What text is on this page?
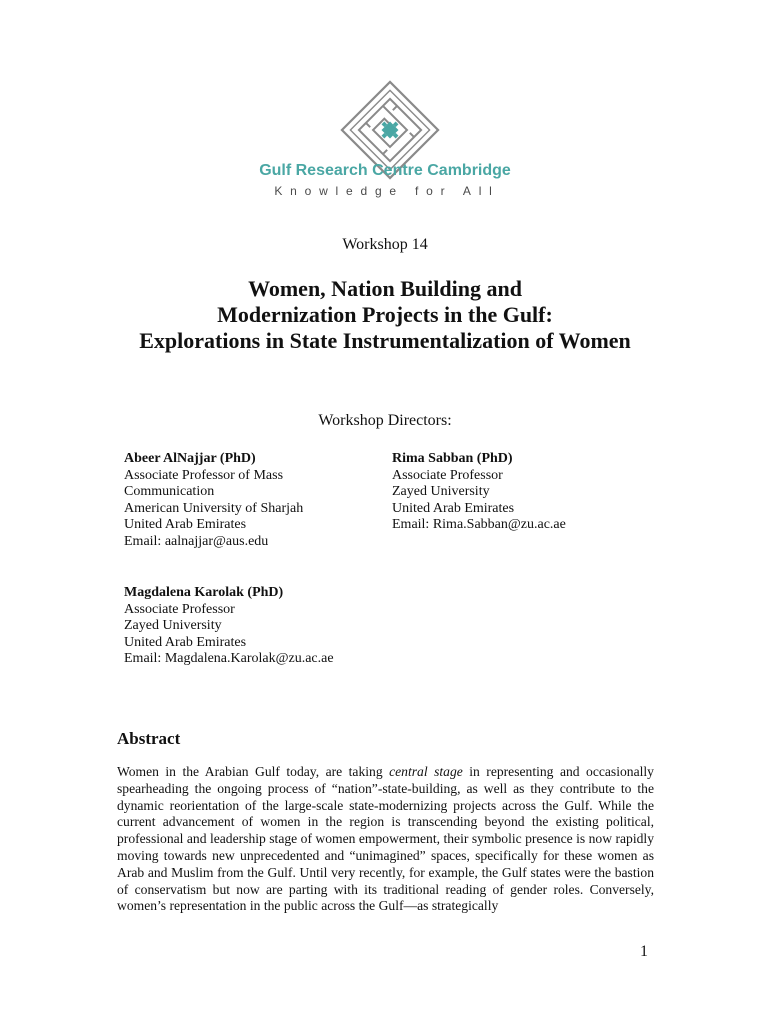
Gulf Research Centre Cambridge
Knowledge for All
Workshop 14
Women, Nation Building and
Modernization Projects in the Gulf:
Explorations in State Instrumentalization of Women
Workshop Directors:
Abeer AlNajjar (PhD)
Associate Professor of Mass
Communication
American University of Sharjah
United Arab Emirates
Email: aalnajjar@aus.edu
Rima Sabban (PhD)
Associate Professor
Zayed University
United Arab Emirates
Email: Rima.Sabban@zu.ac.ae
Magdalena Karolak (PhD)
Associate Professor
Zayed University
United Arab Emirates
Email: Magdalena.Karolak@zu.ac.ae
Abstract
Women in the Arabian Gulf today, are taking central stage in representing and occasionally spearheading the ongoing process of “nation”-state-building, as well as they contribute to the dynamic reorientation of the large-scale state-modernizing projects across the Gulf. While the current advancement of women in the region is transcending beyond the existing political, professional and leadership stage of women empowerment, their symbolic presence is now rapidly moving towards new unprecedented and “unimagined” spaces, specifically for these women as Arab and Muslim from the Gulf. Until very recently, for example, the Gulf states were the bastion of conservatism but now are parting with its traditional reading of gender roles. Conversely, women’s representation in the public across the Gulf—as strategically
1
